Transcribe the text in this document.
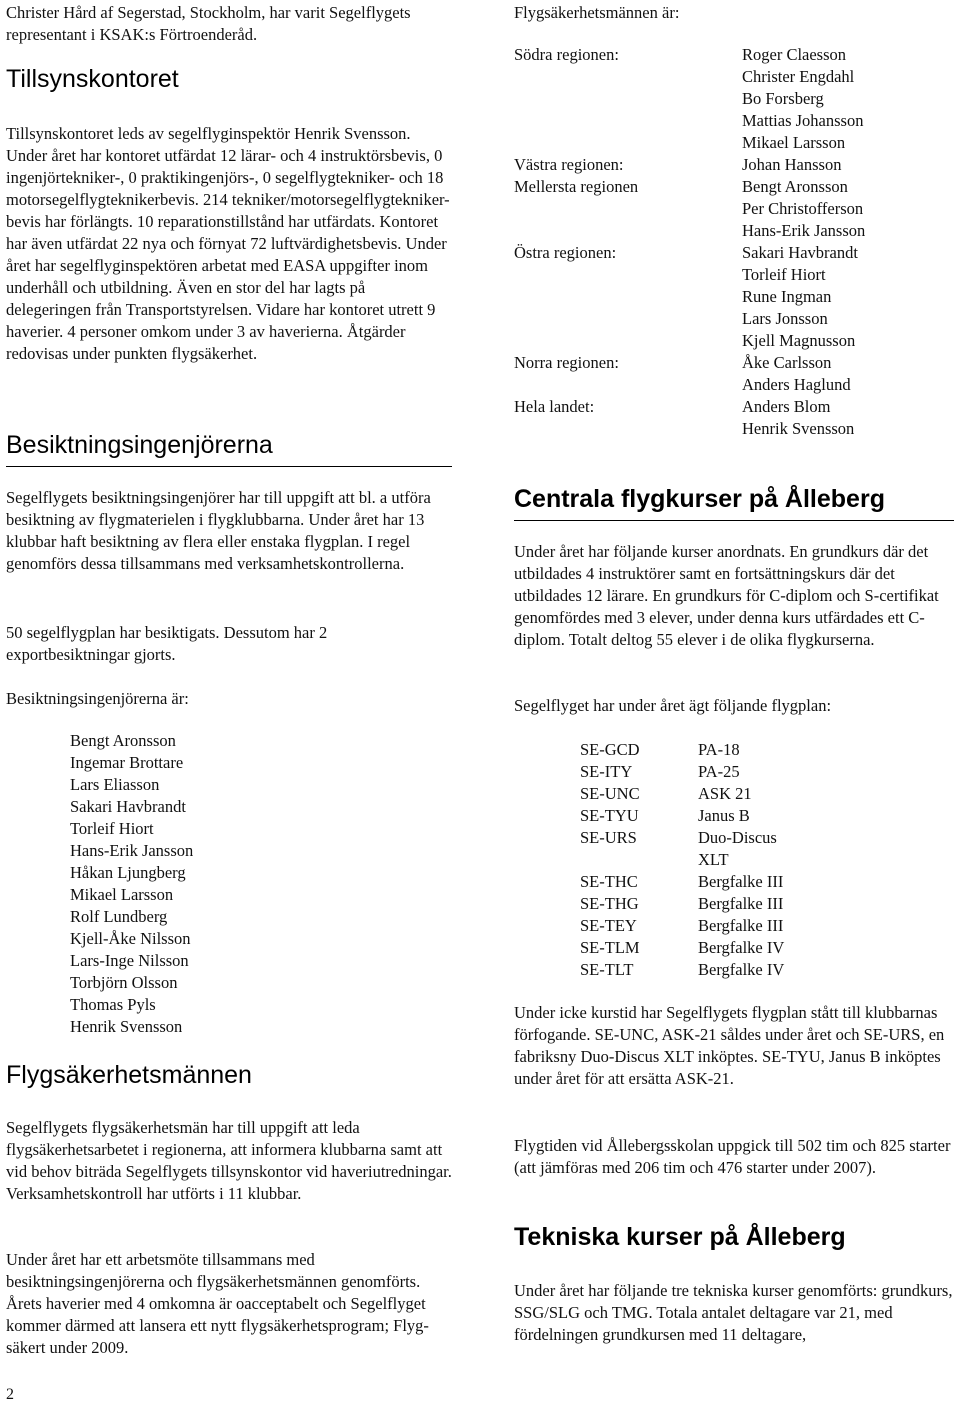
Christer Hård af Segerstad, Stockholm, har varit Segelflygets representant i KSAK:s Förtroenderåd.

Tillsynskontoret

Tillsynskontoret leds av segelflyginspektör Henrik Svensson. Under året har kontoret utfärdat 12 lärar- och 4 instruktörsbevis, 0 ingenjörtekniker-, 0 praktikingenjörs-, 0 segelflygtekniker- och 18 motorsegelflygteknikerbevis. 214 tekniker/motorsegelflygtekniker-bevis har förlängts. 10 reparationstillstånd har utfärdats. Kontoret har även utfärdat 22 nya och förnyat 72 luftvärdighetsbevis. Under året har segelflyginspektören arbetat med EASA uppgifter inom underhåll och utbildning. Även en stor del har lagts på delegeringen från Transportstyrelsen. Vidare har kontoret utrett 9 haverier. 4 personer omkom under 3 av haverierna. Åtgärder redovisas under punkten flygsäkerhet.

Besiktningsingenjörerna

Segelflygets besiktningsingenjörer har till uppgift att bl. a utföra besiktning av flygmaterielen i flygklubbarna. Under året har 13 klubbar haft besiktning av flera eller enstaka flygplan. I regel genomförs dessa tillsammans med verksamhetskontrollerna.

50 segelflygplan har besiktigats. Dessutom har 2 exportbesiktningar gjorts.

Besiktningsingenjörerna är:

Bengt Aronsson
Ingemar Brottare
Lars Eliasson
Sakari Havbrandt
Torleif Hiort
Hans-Erik Jansson
Håkan Ljungberg
Mikael Larsson
Rolf Lundberg
Kjell-Åke Nilsson
Lars-Inge Nilsson
Torbjörn Olsson
Thomas Pyls
Henrik Svensson
Flygsäkerhetsmännen

Segelflygets flygsäkerhetsmän har till uppgift att leda flygsäkerhetsarbetet i regionerna, att informera klubbarna samt att vid behov biträda Segelflygets tillsynskontor vid haveriutredningar. Verksamhetskontroll har utförts i 11 klubbar.

Under året har ett arbetsmöte tillsammans med besiktningsingenjörerna och flygsäkerhetsmännen genomförts. Årets haverier med 4 omkomna är oacceptabelt och Segelflyget kommer därmed att lansera ett nytt flygsäkerhetsprogram; Flyg-säkert under 2009.

Flygsäkerhetsmännen är:

Södra regionen:	Roger Claesson
Christer Engdahl
Bo Forsberg
Mattias Johansson
Mikael Larsson
Västra regionen:	Johan Hansson
Mellersta regionen	Bengt Aronsson
Per Christofferson
Hans-Erik Jansson
Östra regionen:	Sakari Havbrandt
Torleif Hiort
Rune Ingman
Lars Jonsson
Kjell Magnusson
Norra regionen:	Åke Carlsson
Anders Haglund
Hela landet:	Anders Blom
Henrik Svensson
Centrala flygkurser på Ålleberg

Under året har följande kurser anordnats. En grundkurs där det utbildades 4 instruktörer samt en fortsättningskurs där det utbildades 12 lärare. En grundkurs för C-diplom och S-certifikat genomfördes med 3 elever, under denna kurs utfärdades ett C-diplom. Totalt deltog 55 elever i de olika flygkurserna.

Segelflyget har under året ägt följande flygplan:

SE-GCD	PA-18
SE-ITY	PA-25
SE-UNC	ASK 21
SE-TYU	Janus B
SE-URS	Duo-Discus
XLT
SE-THC	Bergfalke III
SE-THG	Bergfalke III
SE-TEY	Bergfalke III
SE-TLM	Bergfalke IV
SE-TLT	Bergfalke IV

Under icke kurstid har Segelflygets flygplan stått till klubbarnas förfogande. SE-UNC, ASK-21 såldes under året och SE-URS, en fabriksny Duo-Discus XLT inköptes. SE-TYU, Janus B inköptes under året för att ersätta ASK-21.

Flygtiden vid Ållebergsskolan uppgick till 502 tim och 825 starter (att jämföras med 206 tim och 476 starter under 2007).

Tekniska kurser på Ålleberg

Under året har följande tre tekniska kurser genomförts: grundkurs, SSG/SLG och TMG. Totala antalet deltagare var 21, med fördelningen grundkursen med 11 deltagare,

2
